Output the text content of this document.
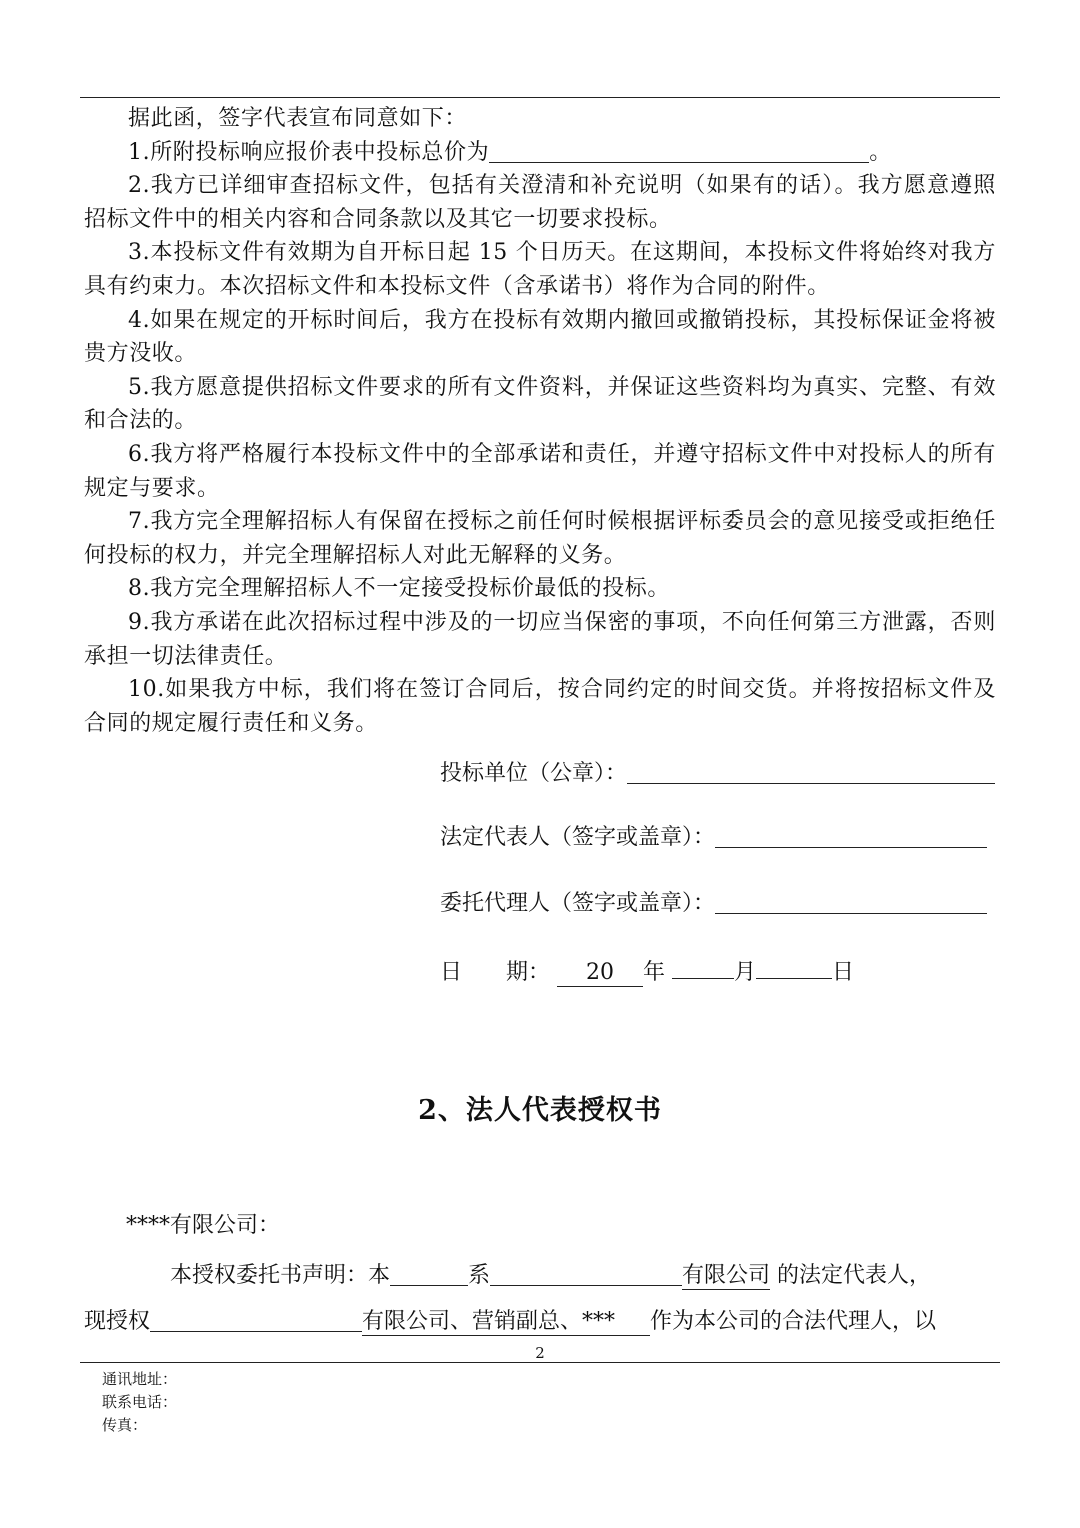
据此函，签字代表宣布同意如下：

1.所附投标响应报价表中投标总价为	。

2.我方已详细审查招标文件，包括有关澄清和补充说明（如果有的话）。我方愿意遵照招标文件中的相关内容和合同条款以及其它一切要求投标。

3.本投标文件有效期为自开标日起 15 个日历天。在这期间，本投标文件将始终对我方具有约束力。本次招标文件和本投标文件（含承诺书）将作为合同的附件。

4.如果在规定的开标时间后，我方在投标有效期内撤回或撤销投标，其投标保证金将被贵方没收。

5.我方愿意提供招标文件要求的所有文件资料，并保证这些资料均为真实、完整、有效和合法的。

6.我方将严格履行本投标文件中的全部承诺和责任，并遵守招标文件中对投标人的所有规定与要求。

7.我方完全理解招标人有保留在授标之前任何时候根据评标委员会的意见接受或拒绝任何投标的权力，并完全理解招标人对此无解释的义务。

8.我方完全理解招标人不一定接受投标价最低的投标。

9.我方承诺在此次招标过程中涉及的一切应当保密的事项，不向任何第三方泄露，否则承担一切法律责任。

10.如果我方中标，我们将在签订合同后，按合同约定的时间交货。并将按招标文件及合同的规定履行责任和义务。

投标单位（公章）：
法定代表人（签字或盖章）：
委托代理人（签字或盖章）：
日　　期： 20 年	月	日
2、法人代表授权书
****有限公司：
本授权委托书声明：本	系	有限公司 的法定代表人，
现授权	有限公司、营销副总、*** 作为本公司的合法代理人，以
2
通讯地址：
联系电话：
传真：
